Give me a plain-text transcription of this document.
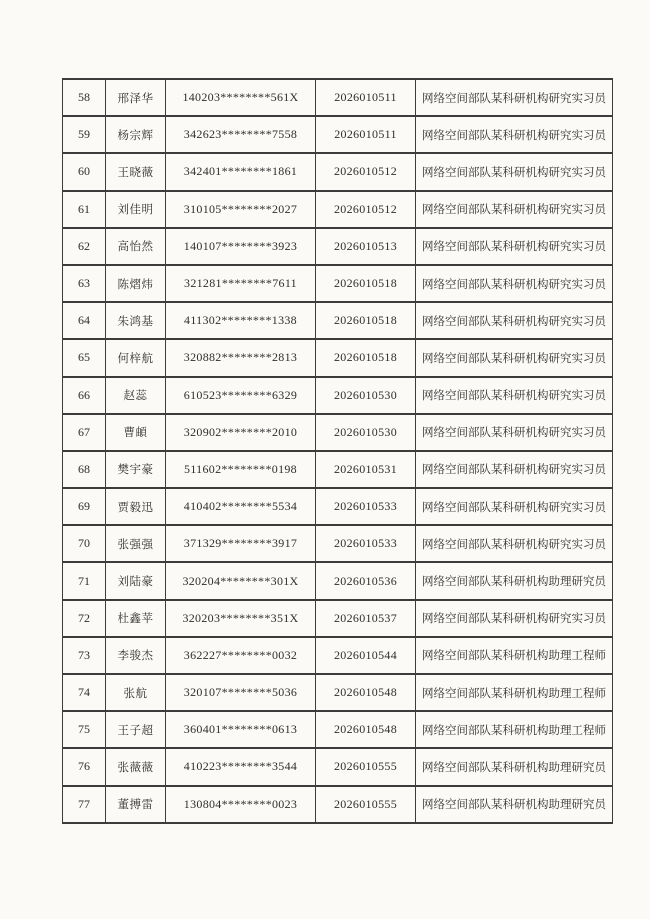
58	邢泽华	140203********561X	2026010511	网络空间部队某科研机构研究实习员
59	杨宗辉	342623********7558	2026010511	网络空间部队某科研机构研究实习员
60	王晓薇	342401********1861	2026010512	网络空间部队某科研机构研究实习员
61	刘佳明	310105********2027	2026010512	网络空间部队某科研机构研究实习员
62	高怡然	140107********3923	2026010513	网络空间部队某科研机构研究实习员
63	陈熠炜	321281********7611	2026010518	网络空间部队某科研机构研究实习员
64	朱鸿基	411302********1338	2026010518	网络空间部队某科研机构研究实习员
65	何梓航	320882********2813	2026010518	网络空间部队某科研机构研究实习员
66	赵蕊	610523********6329	2026010530	网络空间部队某科研机构研究实习员
67	曹頔	320902********2010	2026010530	网络空间部队某科研机构研究实习员
68	樊宇豪	511602********0198	2026010531	网络空间部队某科研机构研究实习员
69	贾毅迅	410402********5534	2026010533	网络空间部队某科研机构研究实习员
70	张强强	371329********3917	2026010533	网络空间部队某科研机构研究实习员
71	刘陆豪	320204********301X	2026010536	网络空间部队某科研机构助理研究员
72	杜鑫苹	320203********351X	2026010537	网络空间部队某科研机构研究实习员
73	李骏杰	362227********0032	2026010544	网络空间部队某科研机构助理工程师
74	张航	320107********5036	2026010548	网络空间部队某科研机构助理工程师
75	王子超	360401********0613	2026010548	网络空间部队某科研机构助理工程师
76	张薇薇	410223********3544	2026010555	网络空间部队某科研机构助理研究员
77	董搏雷	130804********0023	2026010555	网络空间部队某科研机构助理研究员
